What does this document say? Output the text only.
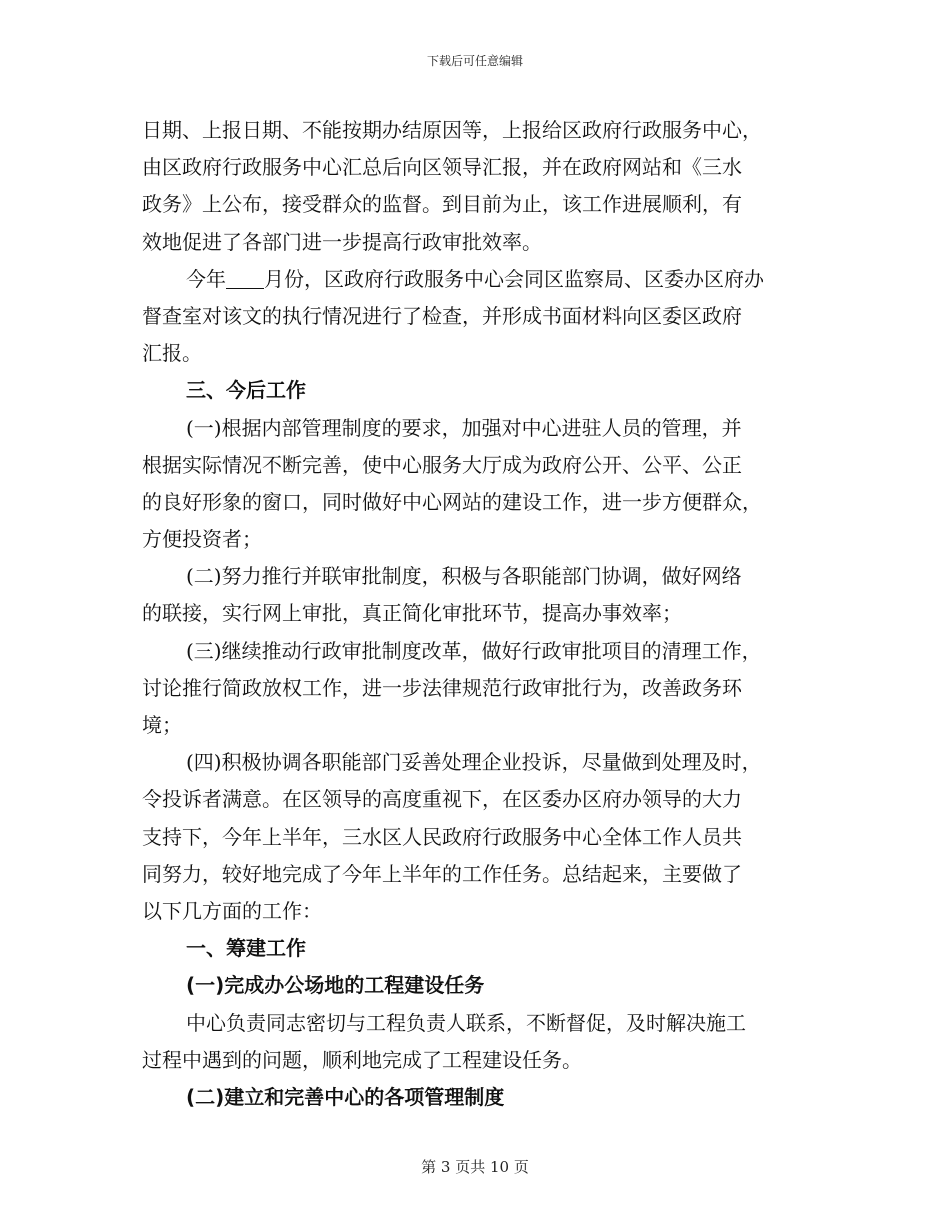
下载后可任意编辑
日期、上报日期、不能按期办结原因等，上报给区政府行政服务中心，
由区政府行政服务中心汇总后向区领导汇报，并在政府网站和《三水
政务》上公布，接受群众的监督。到目前为止，该工作进展顺利，有
效地促进了各部门进一步提高行政审批效率。
今年 月份，区政府行政服务中心会同区监察局、区委办区府办
督查室对该文的执行情况进行了检查，并形成书面材料向区委区政府
汇报。
三、今后工作
(一)根据内部管理制度的要求，加强对中心进驻人员的管理，并
根据实际情况不断完善，使中心服务大厅成为政府公开、公平、公正
的良好形象的窗口，同时做好中心网站的建设工作，进一步方便群众，
方便投资者；
(二)努力推行并联审批制度，积极与各职能部门协调，做好网络
的联接，实行网上审批，真正简化审批环节，提高办事效率；
(三)继续推动行政审批制度改革，做好行政审批项目的清理工作，
讨论推行简政放权工作，进一步法律规范行政审批行为，改善政务环
境；
(四)积极协调各职能部门妥善处理企业投诉，尽量做到处理及时，
令投诉者满意。在区领导的高度重视下，在区委办区府办领导的大力
支持下，今年上半年，三水区人民政府行政服务中心全体工作人员共
同努力，较好地完成了今年上半年的工作任务。总结起来，主要做了
以下几方面的工作：
一、筹建工作
(一)完成办公场地的工程建设任务
中心负责同志密切与工程负责人联系，不断督促，及时解决施工
过程中遇到的问题，顺利地完成了工程建设任务。
(二)建立和完善中心的各项管理制度
第 3 页共 10 页
